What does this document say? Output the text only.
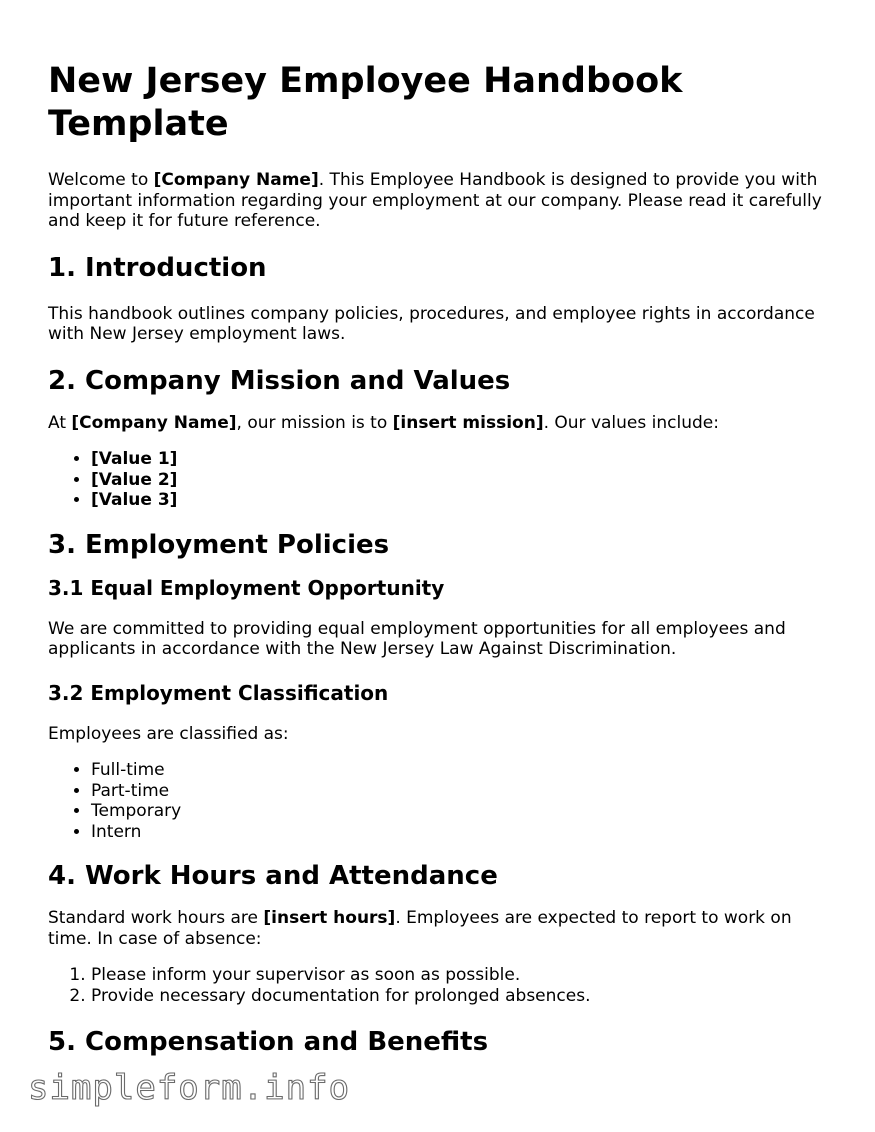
New Jersey Employee Handbook Template

Welcome to [Company Name]. This Employee Handbook is designed to provide you with important information regarding your employment at our company. Please read it carefully and keep it for future reference.

1. Introduction

This handbook outlines company policies, procedures, and employee rights in accordance with New Jersey employment laws.

2. Company Mission and Values

At [Company Name], our mission is to [insert mission]. Our values include:

• [Value 1]
• [Value 2]
• [Value 3]
3. Employment Policies
3.1 Equal Employment Opportunity

We are committed to providing equal employment opportunities for all employees and applicants in accordance with the New Jersey Law Against Discrimination.

3.2 Employment Classification

Employees are classified as:

• Full-time
• Part-time
• Temporary
• Intern
4. Work Hours and Attendance

Standard work hours are [insert hours]. Employees are expected to report to work on time. In case of absence:

1. Please inform your supervisor as soon as possible.
2. Provide necessary documentation for prolonged absences.
5. Compensation and Benefits
simpleform.info
